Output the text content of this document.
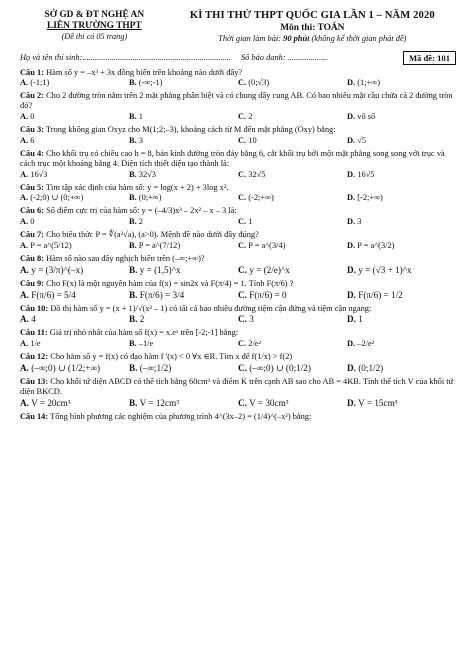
SỞ GD & ĐT NGHỆ AN
LIÊN TRƯỜNG THPT
(Đề thi có 05 trang)
KÌ THI THỬ THPT QUỐC GIA LẦN 1 – NĂM 2020
Môn thi: TOÁN
Thời gian làm bài: 90 phút (không kể thời gian phát đề)
Họ và tên thí sinh:.......................................................................	Số báo danh: ...................	Mã đề: 101
Câu 1: Hàm số y = –x³ + 3x đồng biến trên khoảng nào dưới đây?
A. (-1;1)	B. (-∞;-1)	C. (0;√3)	D. (1;+∞)
Câu 2: Cho 2 đường tròn nằm trên 2 mặt phẳng phân biệt và có chung dây cung AB. Có bao nhiêu mặt cầu chứa cả 2 đường tròn đó?
A. 0	B. 1	C. 2	D. vô số
Câu 3: Trong không gian Oxyz cho M(1;2;–3), khoảng cách từ M đến mặt phẳng (Oxy) bằng:
A. 6	B. 3	C. 10	D. √5
Câu 4: Cho khối trụ có chiều cao h = 8, bán kính đường tròn đáy bằng 6, cắt khối trụ bởi một mặt phẳng song song với trục và cách trục một khoảng bằng 4. Diện tích thiết diện tạo thành là:
A. 16√3	B. 32√3	C. 32√5	D. 16√5
Câu 5: Tìm tập xác định của hàm số: y = log(x + 2) + 3log x².
A. (-2;0) ∪ (0;+∞)	B. (0;+∞)	C. (-2;+∞)	D. [-2;+∞)
Câu 6: Số điểm cực trị của hàm số: y = (–4/3)x³ – 2x² – x – 3 là:
A. 0	B. 2	C. 1	D. 3
Câu 7: Cho biểu thức P = ∜(a²√a), (a>0). Mệnh đề nào dưới đây đúng?
A. P = a^(5/12)	B. P = a^(7/12)	C. P = a^(3/4)	D. P = a^(3/2)
Câu 8: Hàm số nào sau đây nghịch biến trên (–∞;+∞)?
A. y = (3/π)^(–x)	B. y = (1,5)^x	C. y = (2/e)^x	D. y = (√3 + 1)^x
Câu 9: Cho F(x) là một nguyên hàm của f(x) = sin2x và F(π/4) = 1. Tính F(π/6) ?
A. F(π/6) = 5/4	B. F(π/6) = 3/4	C. F(π/6) = 0	D. F(π/6) = 1/2
Câu 10: Đồ thị hàm số y = (x + 1)/√(x² – 1) có tất cả bao nhiêu đường tiệm cận đứng và tiệm cận ngang:
A. 4	B. 2	C. 3	D. 1
Câu 11: Giá trị nhỏ nhất của hàm số f(x) = x.eˣ trên [-2;-1] bằng:
A. 1/e	B. –1/e	C. 2/e²	D. –2/e²
Câu 12: Cho hàm số y = f(x) có đạo hàm f '(x) < 0 ∀x ∈R. Tìm x để f(1/x) > f(2)
A. (–∞;0) ∪ (1/2;+∞)	B. (–∞;1/2)	C. (–∞;0) ∪ (0;1/2)	D. (0;1/2)
Câu 13: Cho khối tứ diện ABCD có thể tích bằng 60cm³ và điểm K trên cạnh AB sao cho AB = 4KB. Tính thể tích V của khối tứ diện BKCD.
A. V = 20cm³	B. V = 12cm³	C. V = 30cm³	D. V = 15cm³
Câu 14: Tổng bình phương các nghiệm của phương trình 4^(3x–2) = (1/4)^(–x²) bằng:
